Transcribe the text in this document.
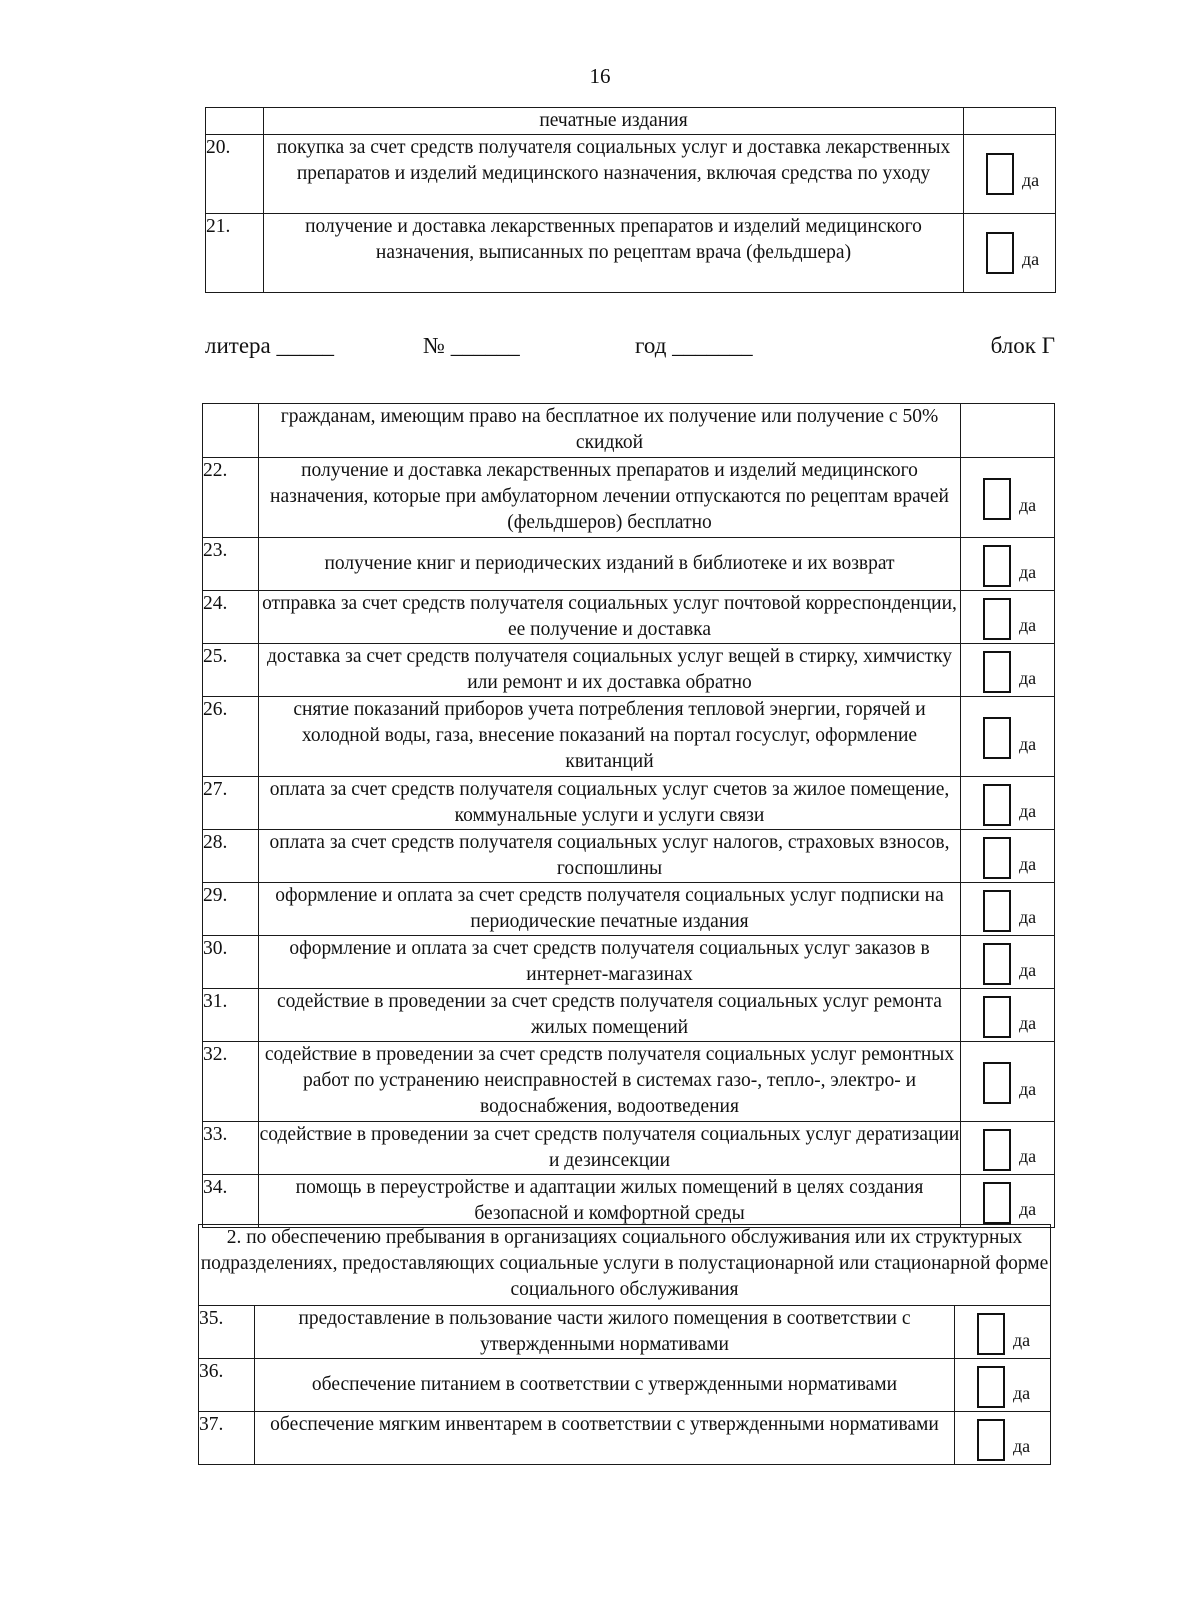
16
	печатные издания	
20.	покупка за счет средств получателя социальных услуг и доставка лекарственных препаратов и изделий медицинского назначения, включая средства по уходу	да

21.	получение и доставка лекарственных препаратов и изделий медицинского назначения, выписанных по рецептам врача (фельдшера)	да
литера _____	№ ______	год _______	блок Г
	гражданам, имеющим право на бесплатное их получение или получение с 50% скидкой	
22.	получение и доставка лекарственных препаратов и изделий медицинского назначения, которые при амбулаторном лечении отпускаются по рецептам врачей (фельдшеров) бесплатно	да

23.	получение книг и периодических изданий в библиотеке и их возврат	да

24.	отправка за счет средств получателя социальных услуг почтовой корреспонденции, ее получение и доставка	да

25.	доставка за счет средств получателя социальных услуг вещей в стирку, химчистку или ремонт и их доставка обратно	да

26.	снятие показаний приборов учета потребления тепловой энергии, горячей и холодной воды, газа, внесение показаний на портал госуслуг, оформление квитанций	да

27.	оплата за счет средств получателя социальных услуг счетов за жилое помещение, коммунальные услуги и услуги связи	да

28.	оплата за счет средств получателя социальных услуг налогов, страховых взносов, госпошлины	да

29.	оформление и оплата за счет средств получателя социальных услуг подписки на периодические печатные издания	да

30.	оформление и оплата за счет средств получателя социальных услуг заказов в интернет-магазинах	да

31.	содействие в проведении за счет средств получателя социальных услуг ремонта жилых помещений	да

32.	содействие в проведении за счет средств получателя социальных услуг ремонтных работ по устранению неисправностей в системах газо-, тепло-, электро- и водоснабжения, водоотведения	да

33.	содействие в проведении за счет средств получателя социальных услуг дератизации и дезинсекции	да

34.	помощь в переустройстве и адаптации жилых помещений в целях создания безопасной и комфортной среды	да
2. по обеспечению пребывания в организациях социального обслуживания или их структурных подразделениях, предоставляющих социальные услуги в полустационарной или стационарной форме социального обслуживания		
35.	предоставление в пользование части жилого помещения в соответствии с утвержденными нормативами	да

36.	обеспечение питанием в соответствии с утвержденными нормативами	да

37.	обеспечение мягким инвентарем в соответствии с утвержденными нормативами	да
